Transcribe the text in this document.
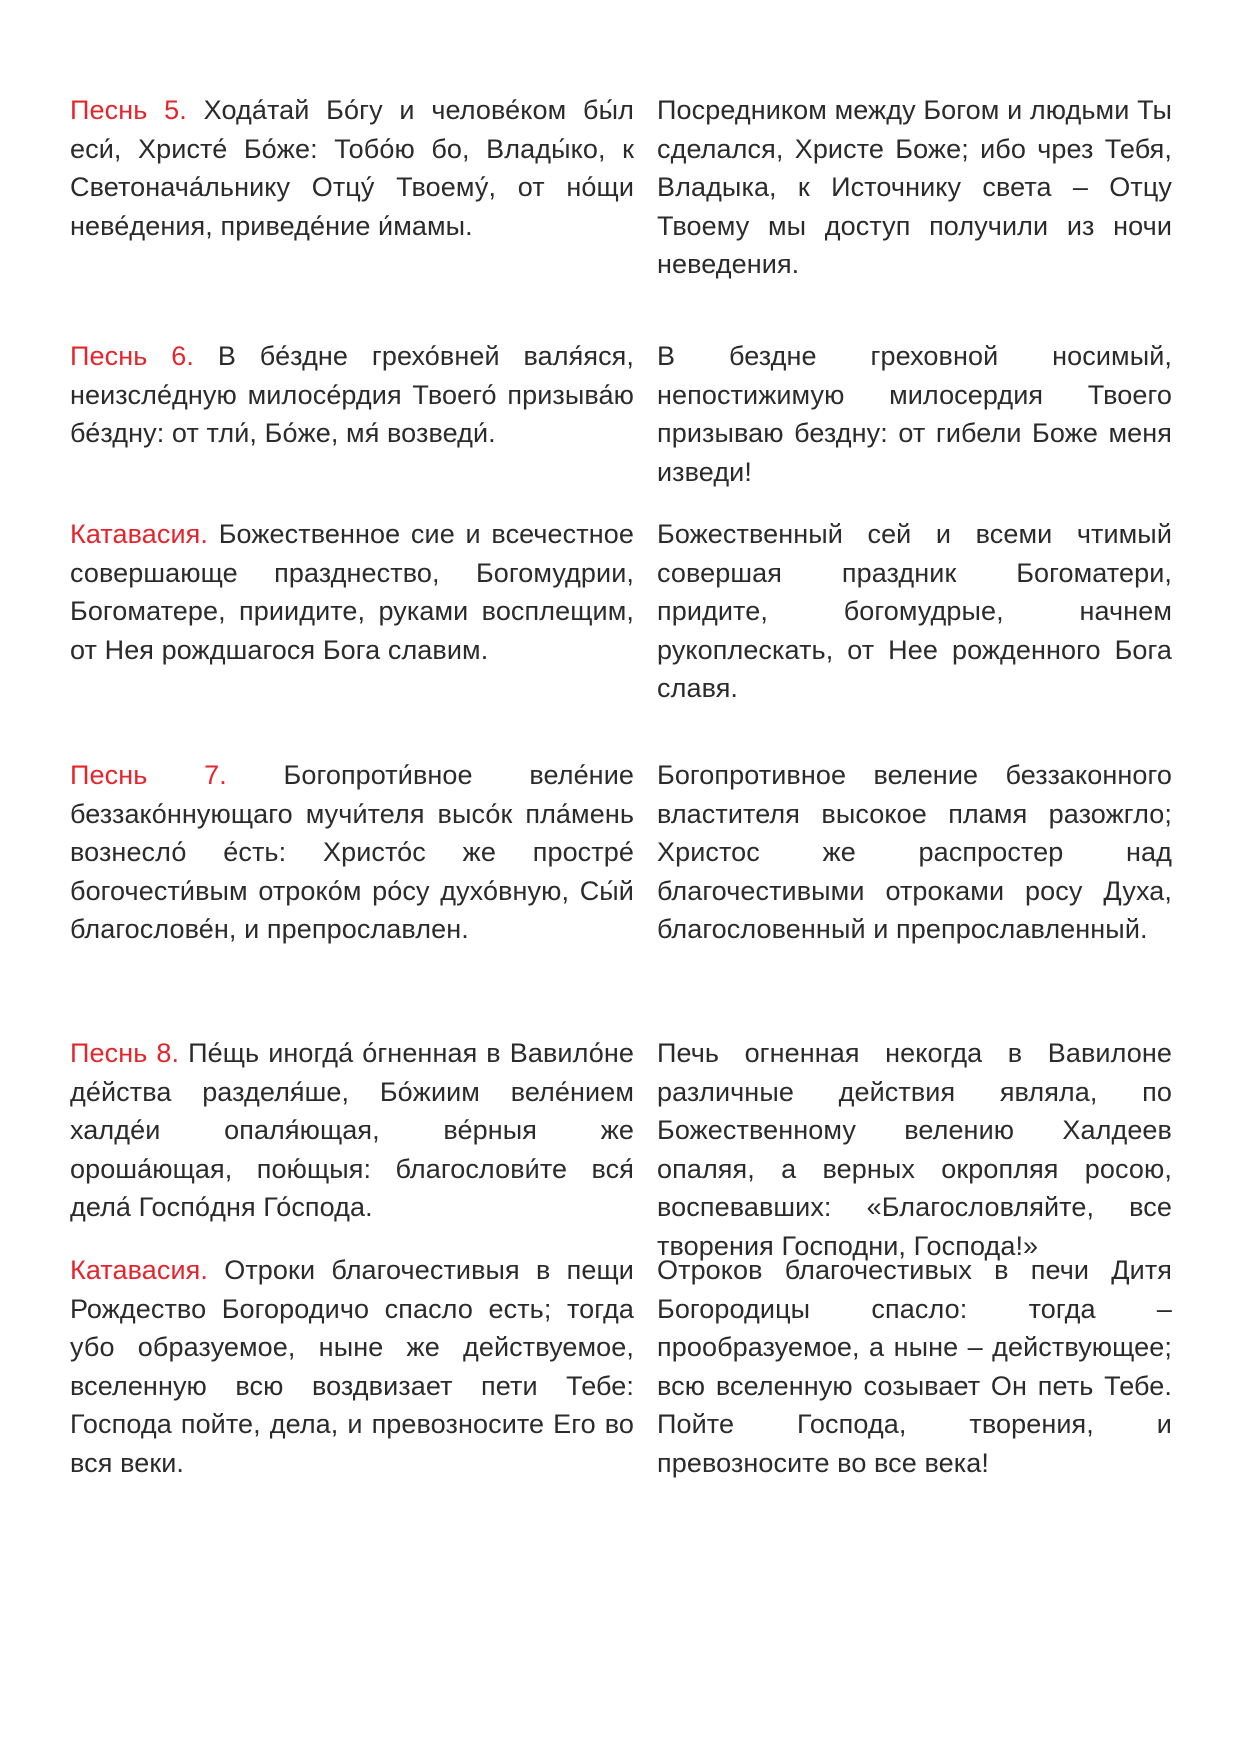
Песнь 5. Хода́тай Бо́гу и челове́ком бы́л еси́, Христе́ Бо́же: Тобо́ю бо, Влады́ко, к Светонача́льнику Отцу́ Твоему́, от но́щи неве́дения, приведе́ние и́мамы.
Посредником между Богом и людьми Ты сделался, Христе Боже; ибо чрез Тебя, Владыка, к Источнику света – Отцу Твоему мы доступ получили из ночи неведения.
Песнь 6. В бе́здне грехо́вней валя́яся, неизсле́дную милосе́рдия Твоего́ призыва́ю бе́здну: от тли́, Бо́же, мя́ возведи́.
В бездне греховной носимый, непостижимую милосердия Твоего призываю бездну: от гибели Боже меня изведи!
Катавасия. Божественное сие и всечестное совершающе празднество, Богомудрии, Богоматере, приидите, руками восплещим, от Нея рождшагося Бога славим.
Божественный сей и всеми чтимый совершая праздник Богоматери, придите, богомудрые, начнем рукоплескать, от Нее рожденного Бога славя.
Песнь 7. Богопроти́вное веле́ние беззако́ннующаго мучи́теля высо́к пла́мень вознесло́ е́сть: Христо́с же простре́ богочести́вым отроко́м ро́су духо́вную, Сы́й благослове́н, и препрославлен.
Богопротивное веление беззаконного властителя высокое пламя разожгло; Христос же распростер над благочестивыми отроками росу Духа, благословенный и препрославленный.
Песнь 8. Пе́щь иногда́ о́гненная в Вавило́не де́йства разделя́ше, Бо́жиим веле́нием халде́и опаля́ющая, ве́рныя же ороша́ющая, пою́щыя: благослови́те вся́ дела́ Госпо́дня Го́спода.
Печь огненная некогда в Вавилоне различные действия являла, по Божественному велению Халдеев опаляя, а верных окропляя росою, воспевавших: «Благословляйте, все творения Господни, Господа!»
Катавасия. Отроки благочестивыя в пещи Рождество Богородичо спасло есть; тогда убо образуемое, ныне же действуемое, вселенную всю воздвизает пети Тебе: Господа пойте, дела, и превозносите Его во вся веки.
Отроков благочестивых в печи Дитя Богородицы спасло: тогда – прообразуемое, а ныне – действующее; всю вселенную созывает Он петь Тебе. Пойте Господа, творения, и превозносите во все века!
